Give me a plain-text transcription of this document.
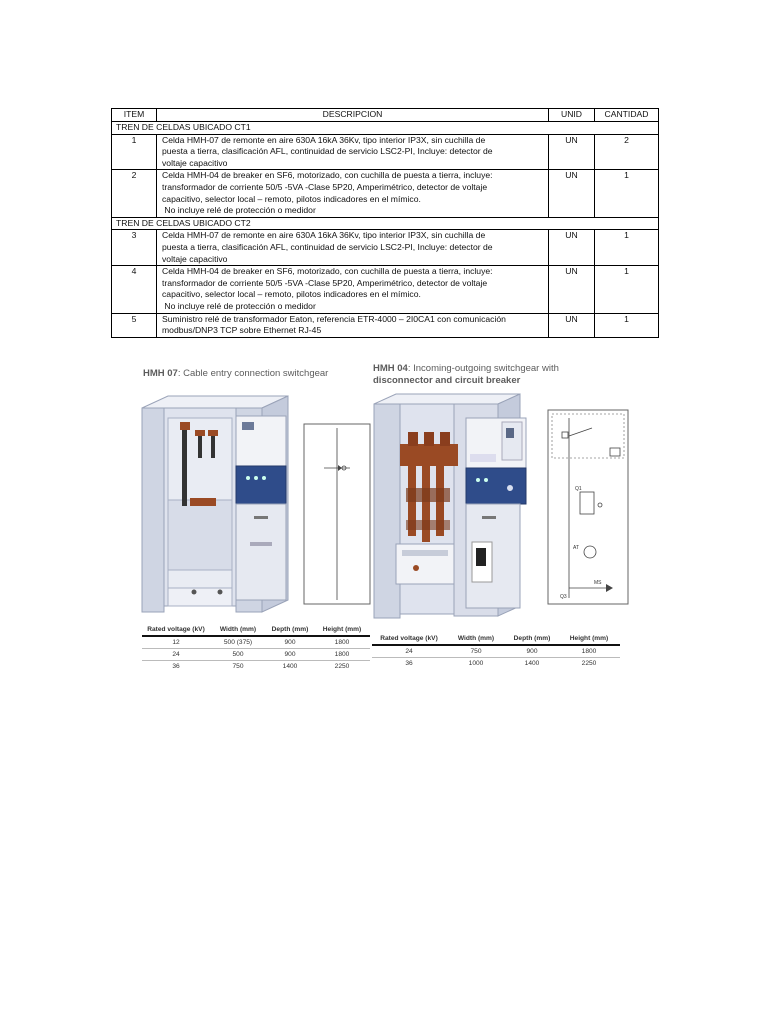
ITEM	DESCRIPCION	UNID	CANTIDAD
TREN DE CELDAS UBICADO CT1			
1	Celda HMH-07 de remonte en aire 630A 16kA 36Kv, tipo interior IP3X, sin cuchilla de
puesta a tierra, clasificación AFL, continuidad de servicio LSC2-PI, Incluye: detector de
voltaje capacitivo	UN	2
2	Celda HMH-04 de breaker en SF6, motorizado, con cuchilla de puesta a tierra, incluye:
transformador de corriente 50/5 -5VA -Clase 5P20, Amperimétrico, detector de voltaje
capacitivo, selector local – remoto, pilotos indicadores en el mímico.
No incluye relé de protección o medidor	UN	1
TREN DE CELDAS UBICADO CT2			
3	Celda HMH-07 de remonte en aire 630A 16kA 36Kv, tipo interior IP3X, sin cuchilla de
puesta a tierra, clasificación AFL, continuidad de servicio LSC2-PI, Incluye: detector de
voltaje capacitivo	UN	1
4	Celda HMH-04 de breaker en SF6, motorizado, con cuchilla de puesta a tierra, incluye:
transformador de corriente 50/5 -5VA -Clase 5P20, Amperimétrico, detector de voltaje
capacitivo, selector local – remoto, pilotos indicadores en el mímico.
No incluye relé de protección o medidor	UN	1
5	Suministro relé de transformador Eaton, referencia ETR-4000 – 2I0CA1 con comunicación
modbus/DNP3 TCP sobre Ethernet RJ-45	UN	1
HMH 07: Cable entry connection switchgear
Rated voltage (kV)	Width (mm)	Depth (mm)	Height (mm)
12	500 (375)	900	1800
24	500	900	1800
36	750	1400	2250
HMH 04: Incoming-outgoing switchgear with
disconnector and circuit breaker
Q1
AT
Q3
MS
Rated voltage (kV)	Width (mm)	Depth (mm)	Height (mm)
24	750	900	1800
36	1000	1400	2250
